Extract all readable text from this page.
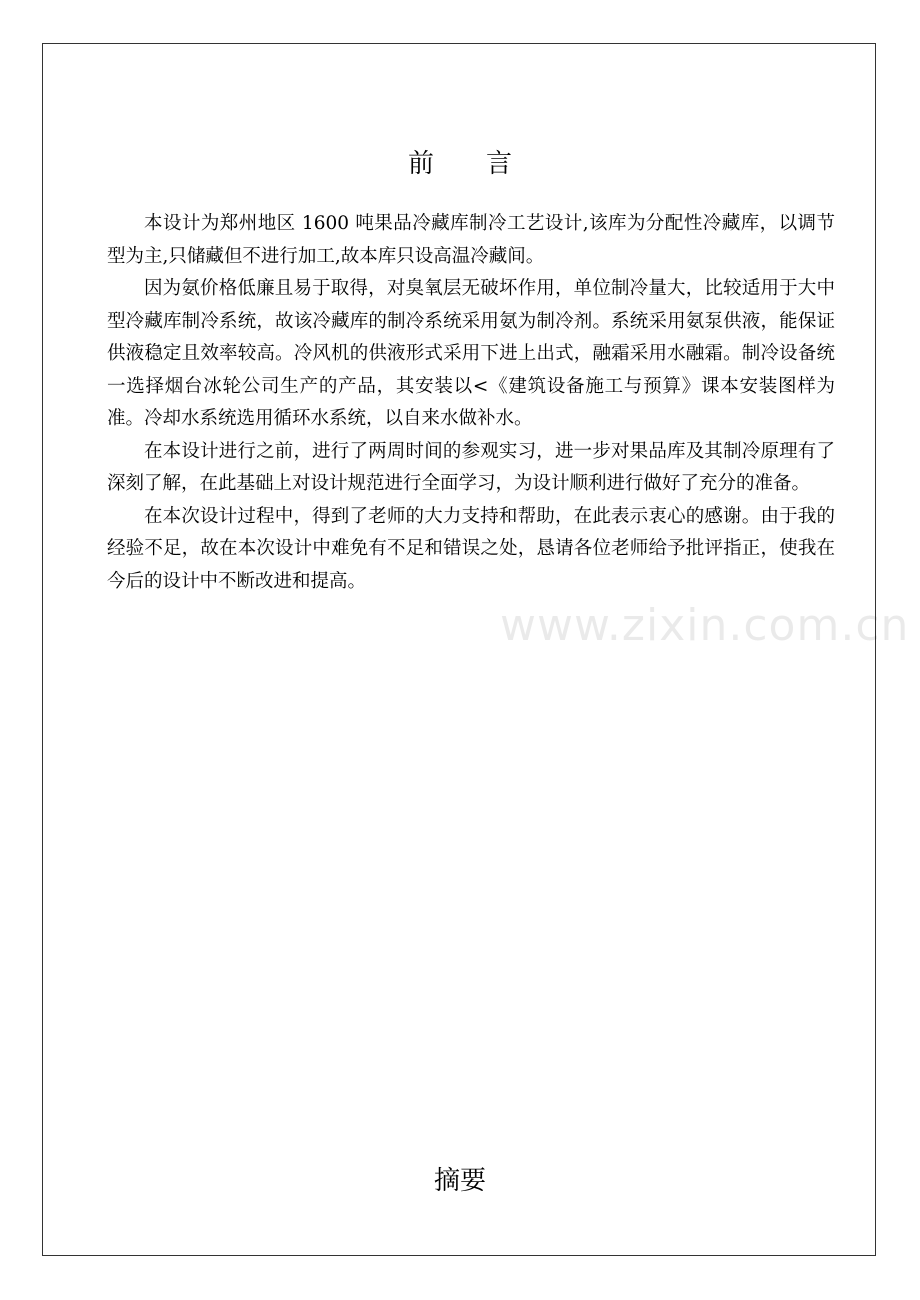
前 言

本设计为郑州地区 1600 吨果品冷藏库制冷工艺设计,该库为分配性冷藏库，以调节型为主,只储藏但不进行加工,故本库只设高温冷藏间。

因为氨价格低廉且易于取得，对臭氧层无破坏作用，单位制冷量大，比较适用于大中型冷藏库制冷系统，故该冷藏库的制冷系统采用氨为制冷剂。系统采用氨泵供液，能保证供液稳定且效率较高。冷风机的供液形式采用下进上出式，融霜采用水融霜。制冷设备统一选择烟台冰轮公司生产的产品，其安装以<《建筑设备施工与预算》课本安装图样为准。冷却水系统选用循环水系统，以自来水做补水。

在本设计进行之前，进行了两周时间的参观实习，进一步对果品库及其制冷原理有了深刻了解，在此基础上对设计规范进行全面学习，为设计顺利进行做好了充分的准备。

在本次设计过程中，得到了老师的大力支持和帮助，在此表示衷心的感谢。由于我的经验不足，故在本次设计中难免有不足和错误之处，恳请各位老师给予批评指正，使我在今后的设计中不断改进和提高。

www.zixin.com.cn
摘要
